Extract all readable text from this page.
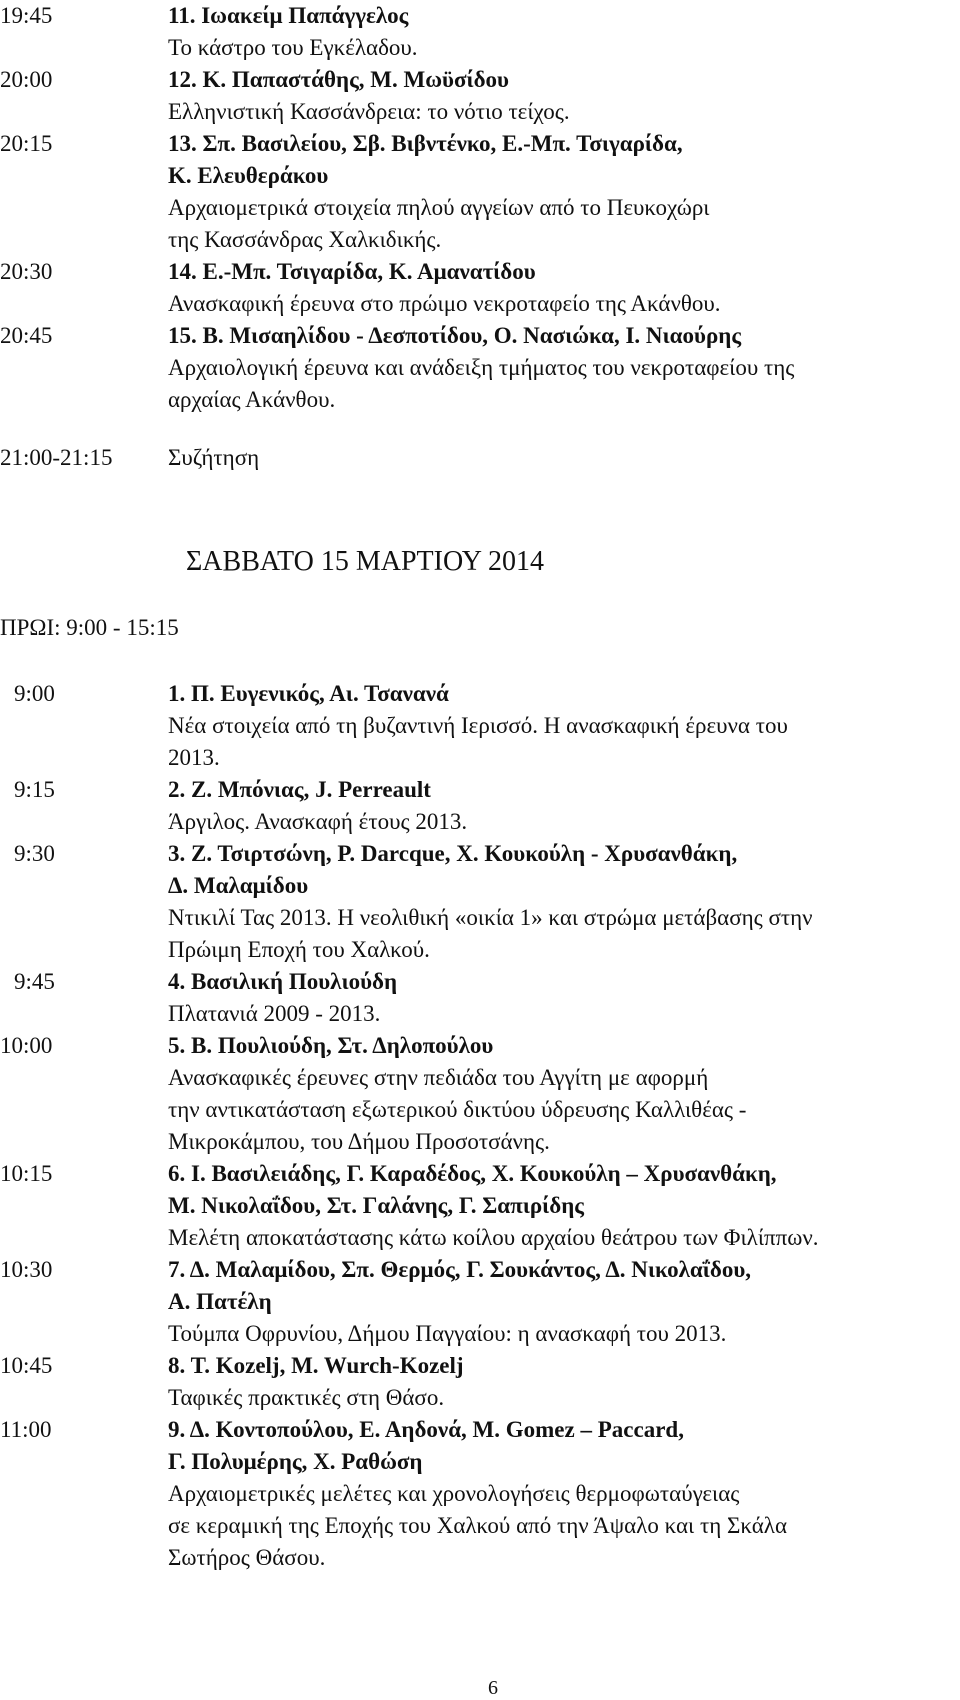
19:45	11. Ιωακείμ Παπάγγελος
Το κάστρο του Εγκέλαδου.
20:00	12. Κ. Παπαστάθης, Μ. Μωϋσίδου
Ελληνιστική Κασσάνδρεια: το νότιο τείχος.
20:15	13. Σπ. Βασιλείου, Σβ. Βιβντένκο, Ε.-Μπ. Τσιγαρίδα,
Κ. Ελευθεράκου
Αρχαιομετρικά στοιχεία πηλού αγγείων από το Πευκοχώρι
της Κασσάνδρας Χαλκιδικής.
20:30	14. Ε.-Μπ. Τσιγαρίδα, Κ. Αμανατίδου
Ανασκαφική έρευνα στο πρώιμο νεκροταφείο της Ακάνθου.
20:45	15. Β. Μισαηλίδου - Δεσποτίδου, Ο. Νασιώκα, Ι. Νιαούρης
Αρχαιολογική έρευνα και ανάδειξη τμήματος του νεκροταφείου της
αρχαίας Ακάνθου.
21:00-21:15 Συζήτηση
ΣΑΒΒΑΤΟ 15 ΜΑΡΤΙΟΥ 2014
ΠΡΩΙ: 9:00 - 15:15
9:00	1. Π. Ευγενικός, Αι. Τσανανά
Νέα στοιχεία από τη βυζαντινή Ιερισσό. Η ανασκαφική έρευνα του
2013.
9:15	2. Ζ. Μπόνιας, J. Perreault
Άργιλος. Ανασκαφή έτους 2013.
9:30	3. Ζ. Τσιρτσώνη, P. Darcque, Χ. Κουκούλη - Χρυσανθάκη,
Δ. Μαλαμίδου
Ντικιλί Τας 2013. Η νεολιθική «οικία 1» και στρώμα μετάβασης στην
Πρώιμη Εποχή του Χαλκού.
9:45	4. Βασιλική Πουλιούδη
Πλατανιά 2009 - 2013.
10:00	5. Β. Πουλιούδη, Στ. Δηλοπούλου
Ανασκαφικές έρευνες στην πεδιάδα του Αγγίτη με αφορμή
την αντικατάσταση εξωτερικού δικτύου ύδρευσης Καλλιθέας -
Μικροκάμπου, του Δήμου Προσοτσάνης.
10:15	6. Ι. Βασιλειάδης, Γ. Καραδέδος, Χ. Κουκούλη – Χρυσανθάκη,
Μ. Νικολαΐδου, Στ. Γαλάνης, Γ. Σαπιρίδης
Μελέτη αποκατάστασης κάτω κοίλου αρχαίου θεάτρου των Φιλίππων.
10:30	7. Δ. Μαλαμίδου, Σπ. Θερμός, Γ. Σουκάντος, Δ. Νικολαΐδου,
Α. Πατέλη
Τούμπα Οφρυνίου, Δήμου Παγγαίου: η ανασκαφή του 2013.
10:45	8. Τ. Kozelj, M. Wurch-Kozelj
Ταφικές πρακτικές στη Θάσο.
11:00	9. Δ. Κοντοπούλου, Ε. Αηδονά, M. Gomez – Paccard,
Γ. Πολυμέρης, Χ. Ραθώση
Αρχαιομετρικές μελέτες και χρονολογήσεις θερμοφωταύγειας
σε κεραμική της Εποχής του Χαλκού από την Άψαλο και τη Σκάλα
Σωτήρος Θάσου.
6
